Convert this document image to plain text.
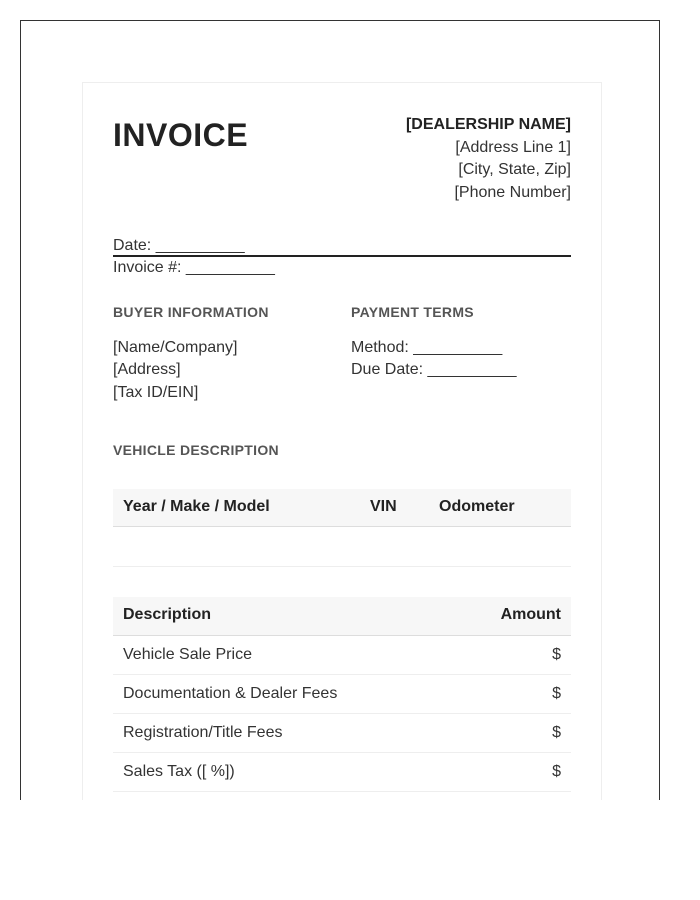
INVOICE
Date: __________
Invoice #: __________
[DEALERSHIP NAME]
[Address Line 1]
[City, State, Zip]
[Phone Number]
BUYER INFORMATION
[Name/Company]
[Address]
[Tax ID/EIN]
PAYMENT TERMS
Method: __________
Due Date: __________
VEHICLE DESCRIPTION
Year / Make / Model	VIN	Odometer
Description	Amount
Vehicle Sale Price	$
Documentation & Dealer Fees	$
Registration/Title Fees	$
Sales Tax ([ %])	$
